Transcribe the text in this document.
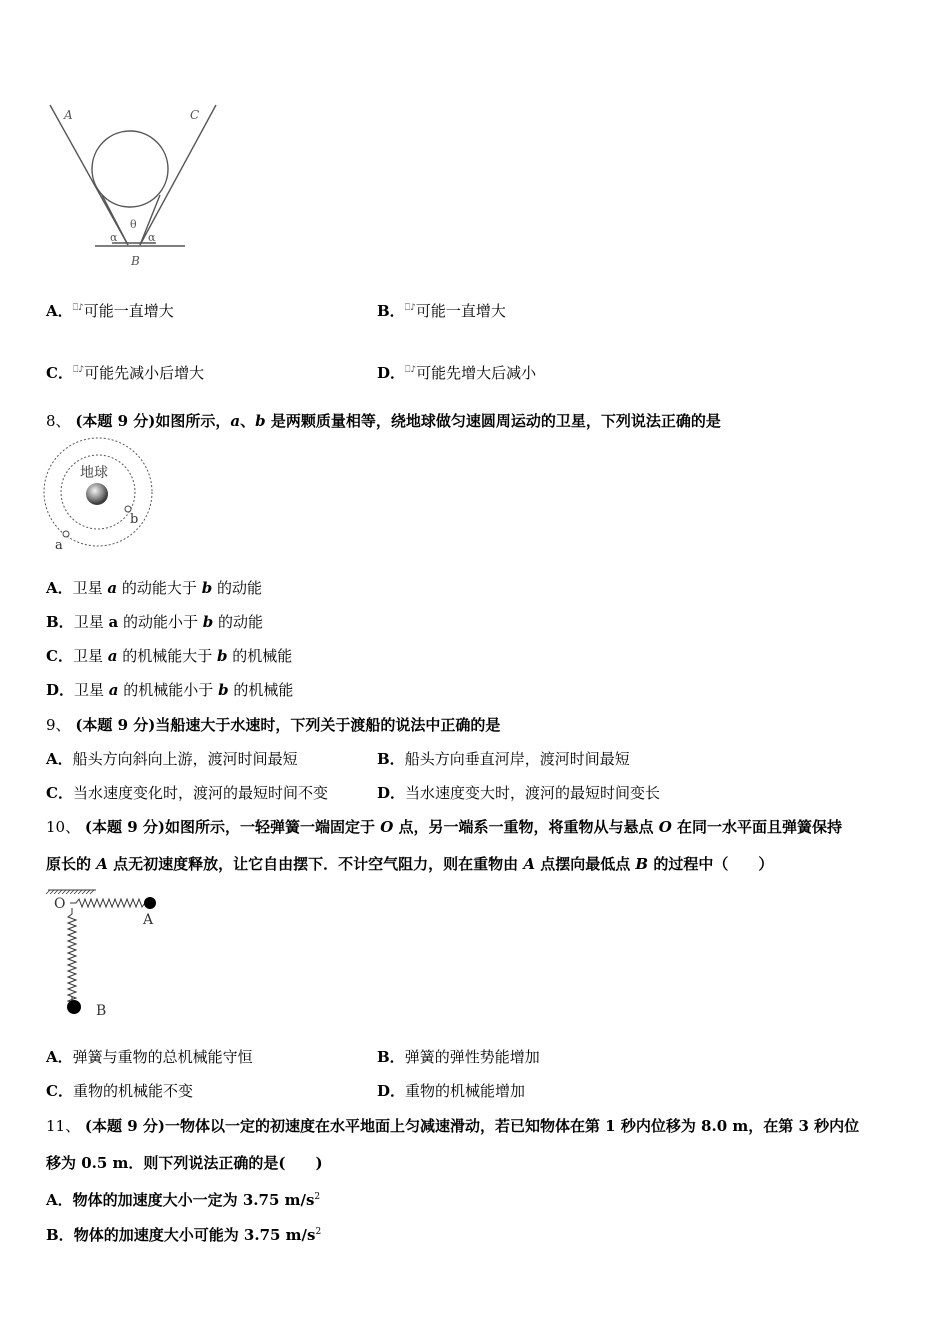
A	C
θ
α	α
B
A．⎕♪可能一直增大	B．⎕♪可能一直增大
C．⎕♪可能先减小后增大	D．⎕♪可能先增大后减小
8、 (本题 9 分)如图所示，a、b 是两颗质量相等，绕地球做匀速圆周运动的卫星，下列说法正确的是
地球
b
a
A．卫星 a 的动能大于 b 的动能
B．卫星 a 的动能小于 b 的动能
C．卫星 a 的机械能大于 b 的机械能
D．卫星 a 的机械能小于 b 的机械能
9、 (本题 9 分)当船速大于水速时，下列关于渡船的说法中正确的是
A．船头方向斜向上游，渡河时间最短	B．船头方向垂直河岸，渡河时间最短
C．当水速度变化时，渡河的最短时间不变	D．当水速度变大时，渡河的最短时间变长
10、 (本题 9 分)如图所示，一轻弹簧一端固定于 O 点，另一端系一重物，将重物从与悬点 O 在同一水平面且弹簧保持
原长的 A 点无初速度释放，让它自由摆下．不计空气阻力，则在重物由 A 点摆向最低点 B 的过程中（　　）
O
A
B
A．弹簧与重物的总机械能守恒	B．弹簧的弹性势能增加
C．重物的机械能不变	D．重物的机械能增加
11、 (本题 9 分)一物体以一定的初速度在水平地面上匀减速滑动，若已知物体在第 1 秒内位移为 8.0 m，在第 3 秒内位
移为 0.5 m．则下列说法正确的是(　　)
A．物体的加速度大小一定为 3.75 $m/s^2$
B．物体的加速度大小可能为 3.75 $m/s^2$
